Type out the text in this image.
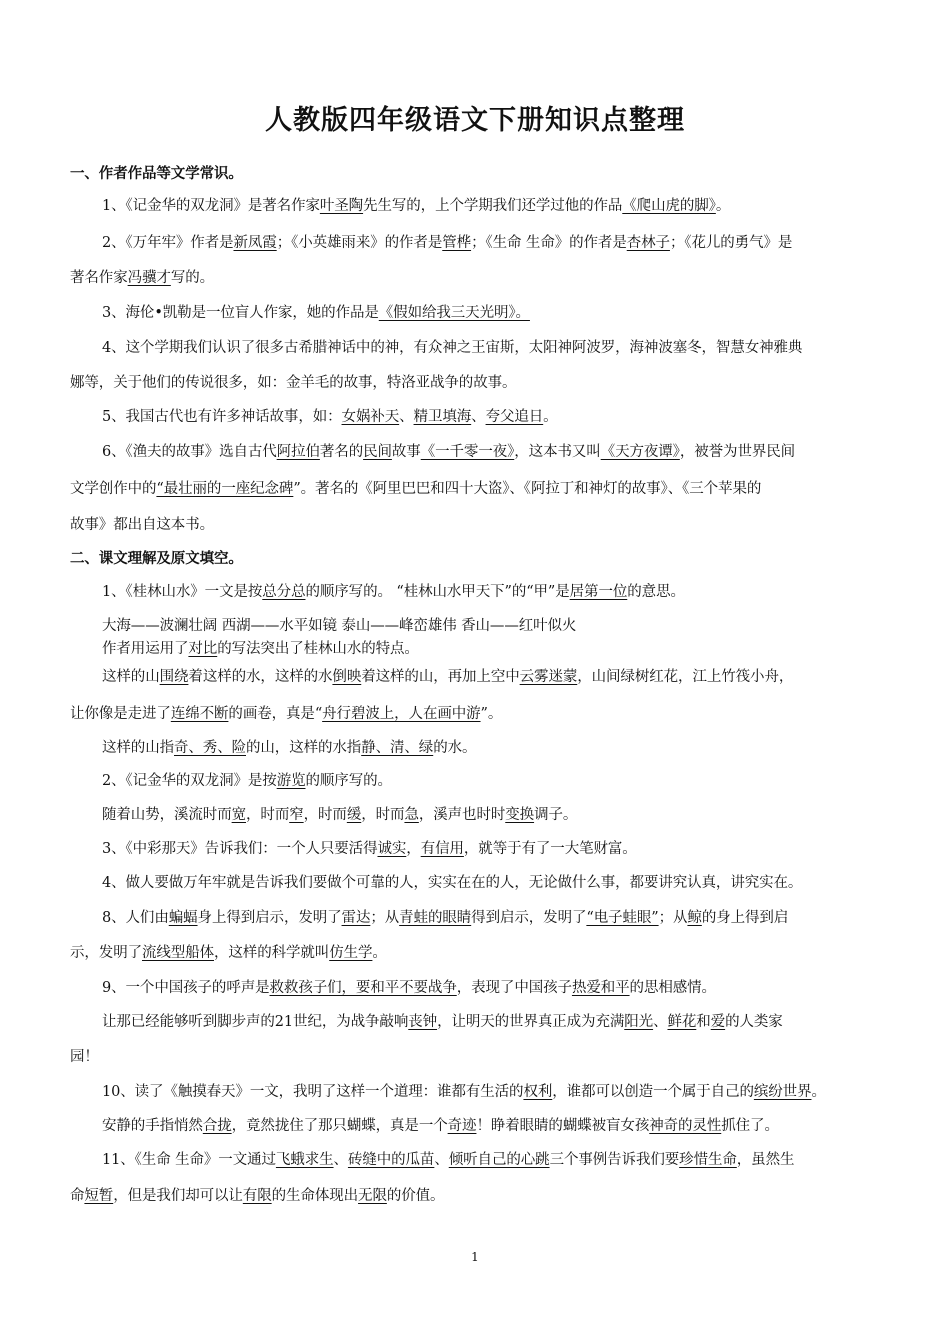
人教版四年级语文下册知识点整理
一、作者作品等文学常识。
1、《记金华的双龙洞》是著名作家叶圣陶先生写的，上个学期我们还学过他的作品《爬山虎的脚》。
2、《万年牢》作者是新凤霞；《小英雄雨来》的作者是管桦；《生命 生命》的作者是杏林子；《花儿的勇气》是
著名作家冯骥才写的。
3、海伦•凯勒是一位盲人作家，她的作品是《假如给我三天光明》。
4、这个学期我们认识了很多古希腊神话中的神，有众神之王宙斯，太阳神阿波罗，海神波塞冬，智慧女神雅典
娜等，关于他们的传说很多，如：金羊毛的故事，特洛亚战争的故事。
5、我国古代也有许多神话故事，如：女娲补天、精卫填海、夸父追日。
6、《渔夫的故事》选自古代阿拉伯著名的民间故事《一千零一夜》，这本书又叫《天方夜谭》，被誉为世界民间
文学创作中的“最壮丽的一座纪念碑”。著名的《阿里巴巴和四十大盗》、《阿拉丁和神灯的故事》、《三个苹果的
故事》都出自这本书。
二、课文理解及原文填空。
1、《桂林山水》一文是按总分总的顺序写的。 “桂林山水甲天下”的“甲”是居第一位的意思。
大海——波澜壮阔 西湖——水平如镜 泰山——峰峦雄伟 香山——红叶似火
作者用运用了对比的写法突出了桂林山水的特点。
这样的山围绕着这样的水，这样的水倒映着这样的山，再加上空中云雾迷蒙，山间绿树红花，江上竹筏小舟，
让你像是走进了连绵不断的画卷，真是“舟行碧波上，人在画中游”。
这样的山指奇、秀、险的山，这样的水指静、清、绿的水。
2、《记金华的双龙洞》是按游览的顺序写的。
随着山势，溪流时而宽，时而窄，时而缓，时而急，溪声也时时变换调子。
3、《中彩那天》告诉我们：一个人只要活得诚实，有信用，就等于有了一大笔财富。
4、做人要做万年牢就是告诉我们要做个可靠的人，实实在在的人，无论做什么事，都要讲究认真，讲究实在。
8、人们由蝙蝠身上得到启示，发明了雷达；从青蛙的眼睛得到启示，发明了“电子蛙眼”；从鲸的身上得到启
示，发明了流线型船体，这样的科学就叫仿生学。
9、一个中国孩子的呼声是救救孩子们，要和平不要战争，表现了中国孩子热爱和平的思相感情。
让那已经能够听到脚步声的21世纪，为战争敲响丧钟，让明天的世界真正成为充满阳光、鲜花和爱的人类家
园！
10、读了《触摸春天》一文，我明了这样一个道理：谁都有生活的权利，谁都可以创造一个属于自己的缤纷世界。
安静的手指悄然合拢，竟然拢住了那只蝴蝶，真是一个奇迹！睁着眼睛的蝴蝶被盲女孩神奇的灵性抓住了。
11、《生命 生命》一文通过飞蛾求生、砖缝中的瓜苗、倾听自己的心跳三个事例告诉我们要珍惜生命，虽然生
命短暂，但是我们却可以让有限的生命体现出无限的价值。
1
